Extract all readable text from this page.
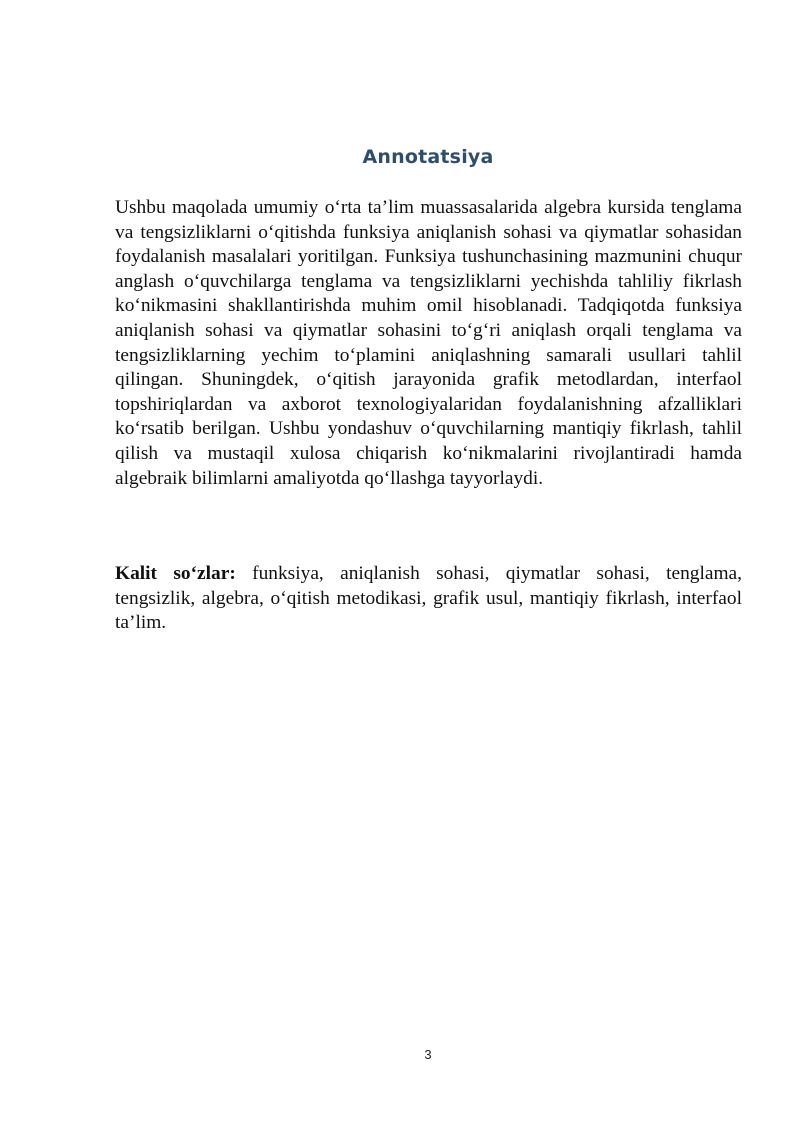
Annotatsiya

Ushbu maqolada umumiy o‘rta ta’lim muassasalarida algebra kursida tenglama va tengsizliklarni o‘qitishda funksiya aniqlanish sohasi va qiymatlar sohasidan foydalanish masalalari yoritilgan. Funksiya tushunchasining mazmunini chuqur anglash o‘quvchilarga tenglama va tengsizliklarni yechishda tahliliy fikrlash ko‘nikmasini shakllantirishda muhim omil hisoblanadi. Tadqiqotda funksiya aniqlanish sohasi va qiymatlar sohasini to‘g‘ri aniqlash orqali tenglama va tengsizliklarning yechim to‘plamini aniqlashning samarali usullari tahlil qilingan. Shuningdek, o‘qitish jarayonida grafik metodlardan, interfaol topshiriqlardan va axborot texnologiyalaridan foydalanishning afzalliklari ko‘rsatib berilgan. Ushbu yondashuv o‘quvchilarning mantiqiy fikrlash, tahlil qilish va mustaqil xulosa chiqarish ko‘nikmalarini rivojlantiradi hamda algebraik bilimlarni amaliyotda qo‘llashga tayyorlaydi.

Kalit so‘zlar: funksiya, aniqlanish sohasi, qiymatlar sohasi, tenglama, tengsizlik, algebra, o‘qitish metodikasi, grafik usul, mantiqiy fikrlash, interfaol ta’lim.

3
